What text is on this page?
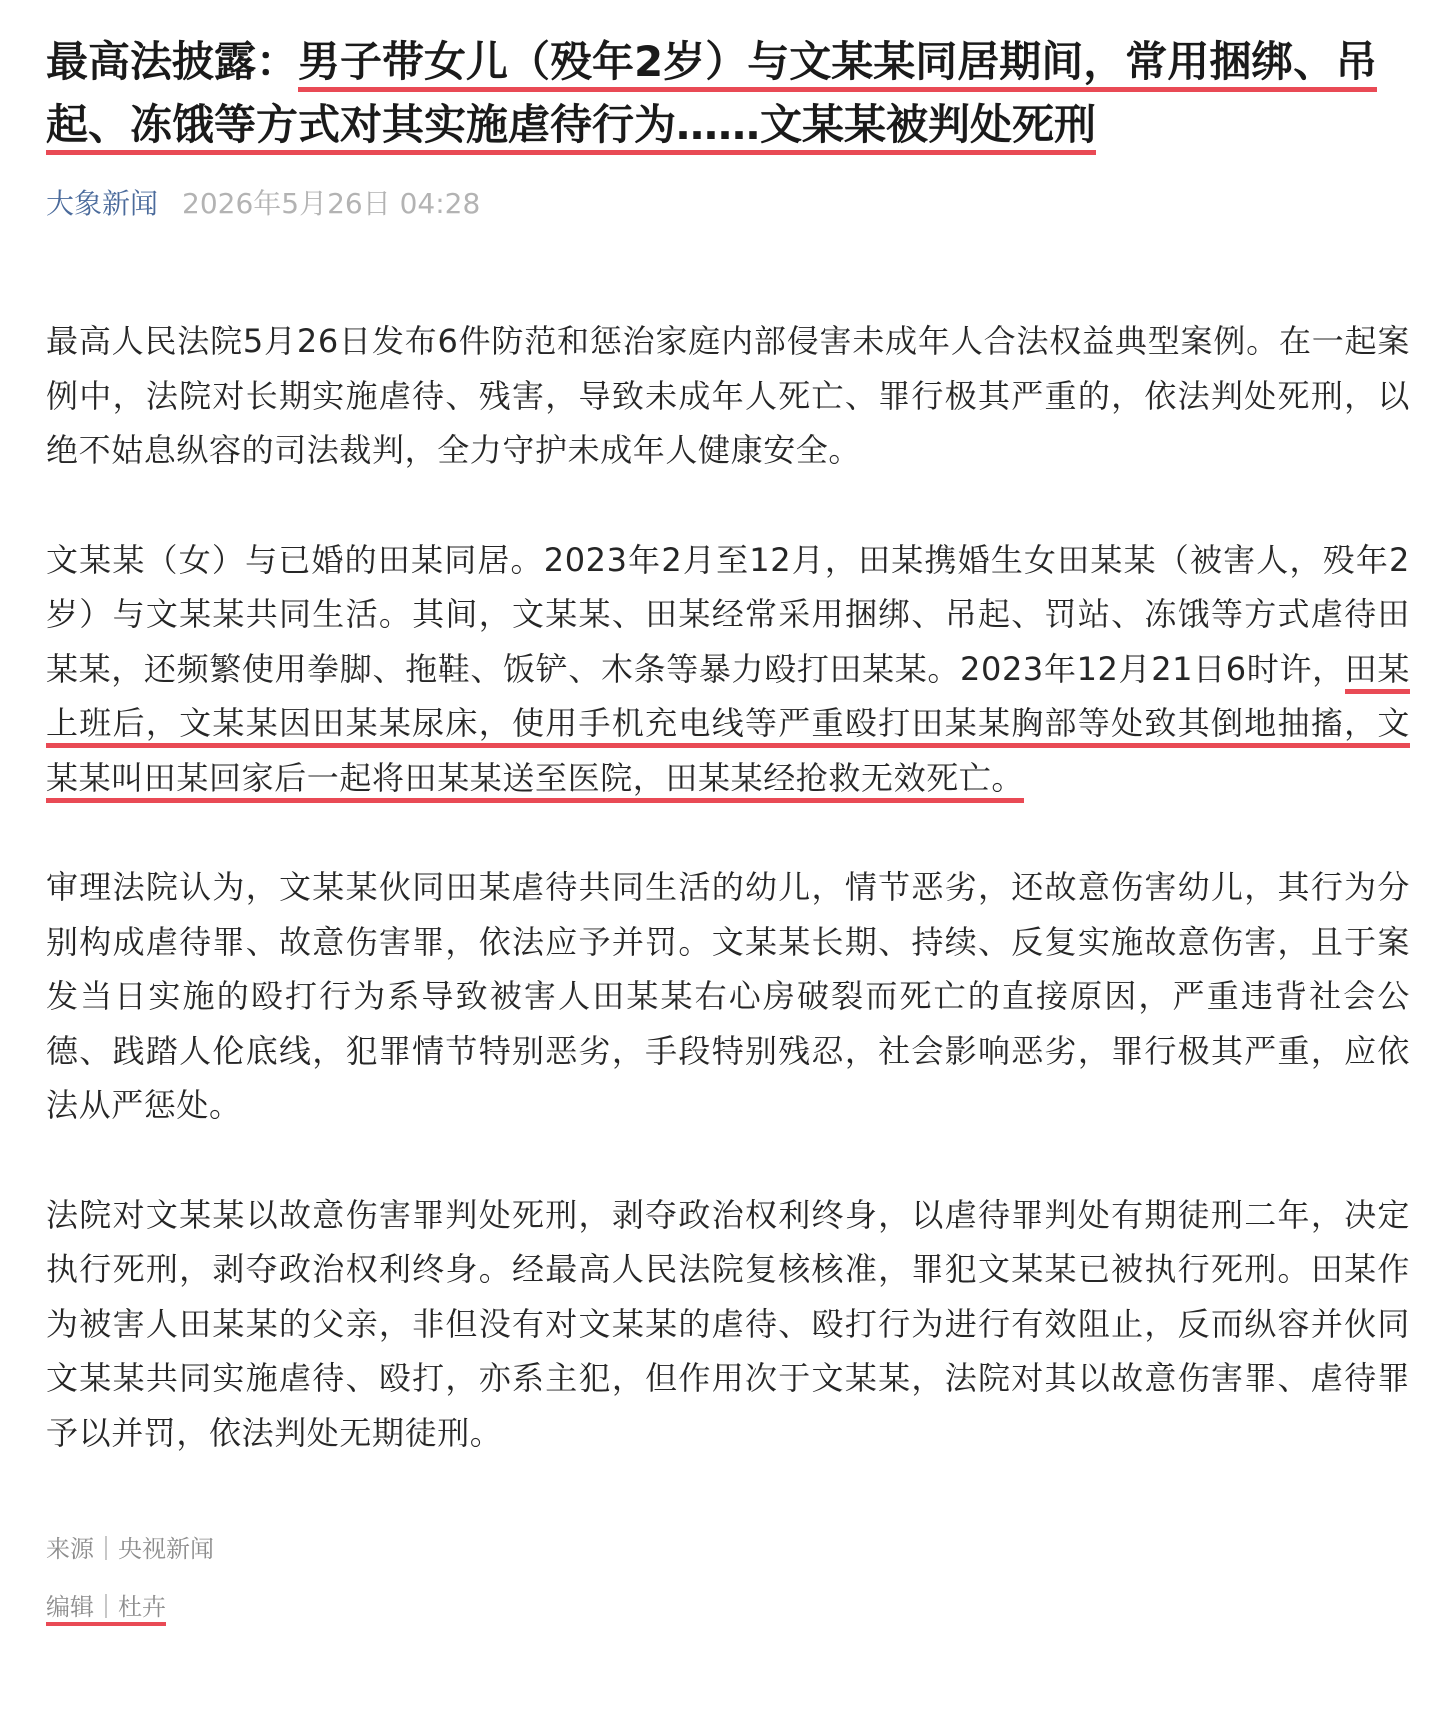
最高法披露：男子带女儿（殁年2岁）与文某某同居期间，常用捆绑、吊起、冻饿等方式对其实施虐待行为……文某某被判处死刑
大象新闻 2026年5月26日 04:28

最高人民法院5月26日发布6件防范和惩治家庭内部侵害未成年人合法权益典型案例。在一起案例中，法院对长期实施虐待、残害，导致未成年人死亡、罪行极其严重的，依法判处死刑，以绝不姑息纵容的司法裁判，全力守护未成年人健康安全。

文某某（女）与已婚的田某同居。2023年2月至12月，田某携婚生女田某某（被害人，殁年2岁）与文某某共同生活。其间，文某某、田某经常采用捆绑、吊起、罚站、冻饿等方式虐待田某某，还频繁使用拳脚、拖鞋、饭铲、木条等暴力殴打田某某。2023年12月21日6时许，田某上班后，文某某因田某某尿床，使用手机充电线等严重殴打田某某胸部等处致其倒地抽搐，文某某叫田某回家后一起将田某某送至医院，田某某经抢救无效死亡。

审理法院认为，文某某伙同田某虐待共同生活的幼儿，情节恶劣，还故意伤害幼儿，其行为分别构成虐待罪、故意伤害罪，依法应予并罚。文某某长期、持续、反复实施故意伤害，且于案发当日实施的殴打行为系导致被害人田某某右心房破裂而死亡的直接原因，严重违背社会公德、践踏人伦底线，犯罪情节特别恶劣，手段特别残忍，社会影响恶劣，罪行极其严重，应依法从严惩处。

法院对文某某以故意伤害罪判处死刑，剥夺政治权利终身，以虐待罪判处有期徒刑二年，决定执行死刑，剥夺政治权利终身。经最高人民法院复核核准，罪犯文某某已被执行死刑。田某作为被害人田某某的父亲，非但没有对文某某的虐待、殴打行为进行有效阻止，反而纵容并伙同文某某共同实施虐待、殴打，亦系主犯，但作用次于文某某，法院对其以故意伤害罪、虐待罪予以并罚，依法判处无期徒刑。

来源｜央视新闻
编辑｜杜卉
